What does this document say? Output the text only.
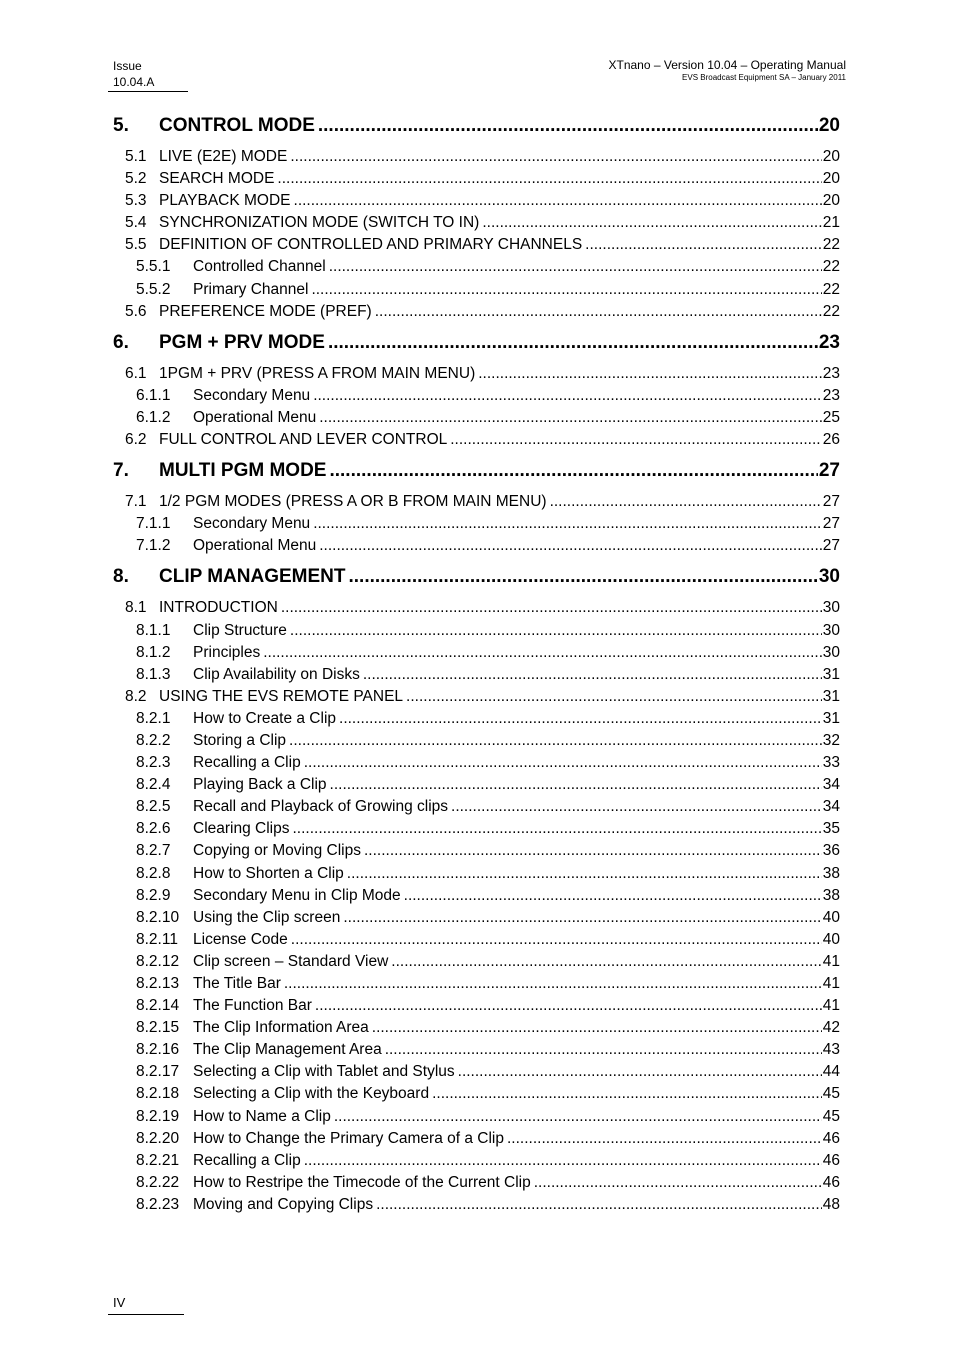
Issue
10.04.A
XTnano – Version 10.04 – Operating Manual
EVS Broadcast Equipment SA – January 2011
5.	CONTROL MODE .....	20
5.1 LIVE (E2E) MODE .....	20
5.2 SEARCH MODE .....	20
5.3 PLAYBACK MODE .....	20
5.4 SYNCHRONIZATION MODE (SWITCH TO IN) .....	21
5.5 DEFINITION OF CONTROLLED AND PRIMARY CHANNELS .....	22
5.5.1	Controlled Channel .....	22
5.5.2	Primary Channel .....	22
5.6 PREFERENCE MODE (PREF) .....	22
6.	PGM + PRV MODE .....	23
6.1 1PGM + PRV (PRESS A FROM MAIN MENU) .....	23
6.1.1	Secondary Menu .....	23
6.1.2	Operational Menu .....	25
6.2 FULL CONTROL AND LEVER CONTROL .....	26
7.	MULTI PGM MODE .....	27
7.1 1/2 PGM MODES (PRESS A OR B FROM MAIN MENU) .....	27
7.1.1	Secondary Menu .....	27
7.1.2	Operational Menu .....	27
8.	CLIP MANAGEMENT .....	30
8.1 INTRODUCTION .....	30
8.1.1	Clip Structure .....	30
8.1.2	Principles .....	30
8.1.3	Clip Availability on Disks .....	31
8.2 USING THE EVS REMOTE PANEL .....	31
8.2.1	How to Create a Clip .....	31
8.2.2	Storing a Clip .....	32
8.2.3	Recalling a Clip .....	33
8.2.4	Playing Back a Clip .....	34
8.2.5	Recall and Playback of Growing clips .....	34
8.2.6	Clearing Clips .....	35
8.2.7	Copying or Moving Clips .....	36
8.2.8	How to Shorten a Clip .....	38
8.2.9	Secondary Menu in Clip Mode .....	38
8.2.10 Using the Clip screen .....	40
8.2.11 License Code .....	40
8.2.12 Clip screen – Standard View .....	41
8.2.13 The Title Bar .....	41
8.2.14 The Function Bar .....	41
8.2.15 The Clip Information Area .....	42
8.2.16 The Clip Management Area .....	43
8.2.17 Selecting a Clip with Tablet and Stylus .....	44
8.2.18 Selecting a Clip with the Keyboard .....	45
8.2.19 How to Name a Clip .....	45
8.2.20 How to Change the Primary Camera of a Clip .....	46
8.2.21 Recalling a Clip .....	46
8.2.22 How to Restripe the Timecode of the Current Clip .....	46
8.2.23 Moving and Copying Clips .....	48
IV
